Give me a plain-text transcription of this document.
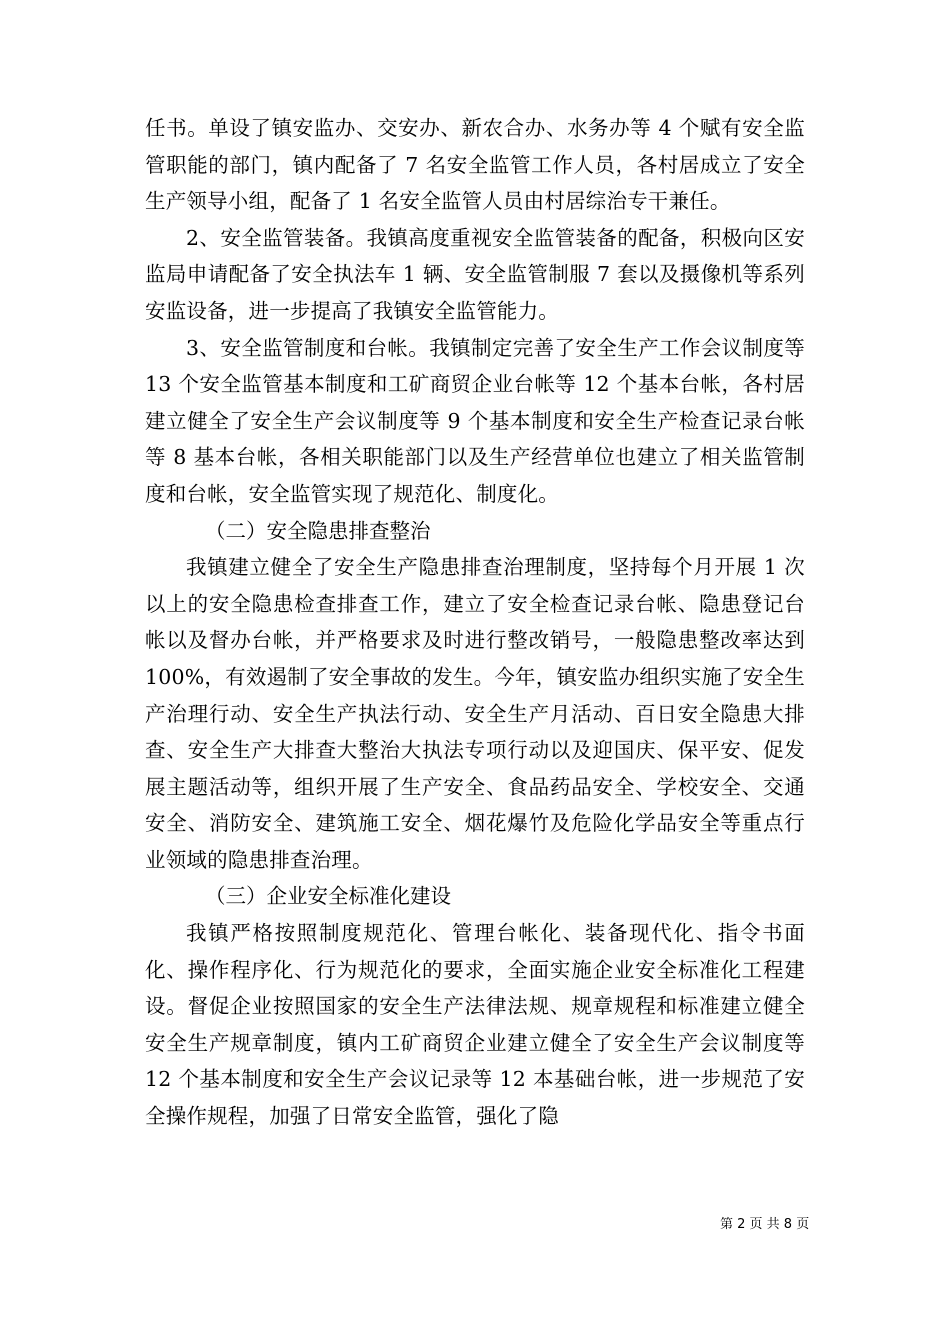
任书。单设了镇安监办、交安办、新农合办、水务办等 4 个赋有安全监管职能的部门，镇内配备了 7 名安全监管工作人员，各村居成立了安全生产领导小组，配备了 1 名安全监管人员由村居综治专干兼任。

2、安全监管装备。我镇高度重视安全监管装备的配备，积极向区安监局申请配备了安全执法车 1 辆、安全监管制服 7 套以及摄像机等系列安监设备，进一步提高了我镇安全监管能力。

3、安全监管制度和台帐。我镇制定完善了安全生产工作会议制度等 13 个安全监管基本制度和工矿商贸企业台帐等 12 个基本台帐，各村居建立健全了安全生产会议制度等 9 个基本制度和安全生产检查记录台帐等 8 基本台帐，各相关职能部门以及生产经营单位也建立了相关监管制度和台帐，安全监管实现了规范化、制度化。

（二）安全隐患排查整治

我镇建立健全了安全生产隐患排查治理制度，坚持每个月开展 1 次以上的安全隐患检查排查工作，建立了安全检查记录台帐、隐患登记台帐以及督办台帐，并严格要求及时进行整改销号，一般隐患整改率达到 100%，有效遏制了安全事故的发生。今年，镇安监办组织实施了安全生产治理行动、安全生产执法行动、安全生产月活动、百日安全隐患大排查、安全生产大排查大整治大执法专项行动以及迎国庆、保平安、促发展主题活动等，组织开展了生产安全、食品药品安全、学校安全、交通安全、消防安全、建筑施工安全、烟花爆竹及危险化学品安全等重点行业领域的隐患排查治理。

（三）企业安全标准化建设

我镇严格按照制度规范化、管理台帐化、装备现代化、指令书面化、操作程序化、行为规范化的要求，全面实施企业安全标准化工程建设。督促企业按照国家的安全生产法律法规、规章规程和标准建立健全安全生产规章制度，镇内工矿商贸企业建立健全了安全生产会议制度等 12 个基本制度和安全生产会议记录等 12 本基础台帐，进一步规范了安全操作规程，加强了日常安全监管，强化了隐

第 2 页 共 8 页
